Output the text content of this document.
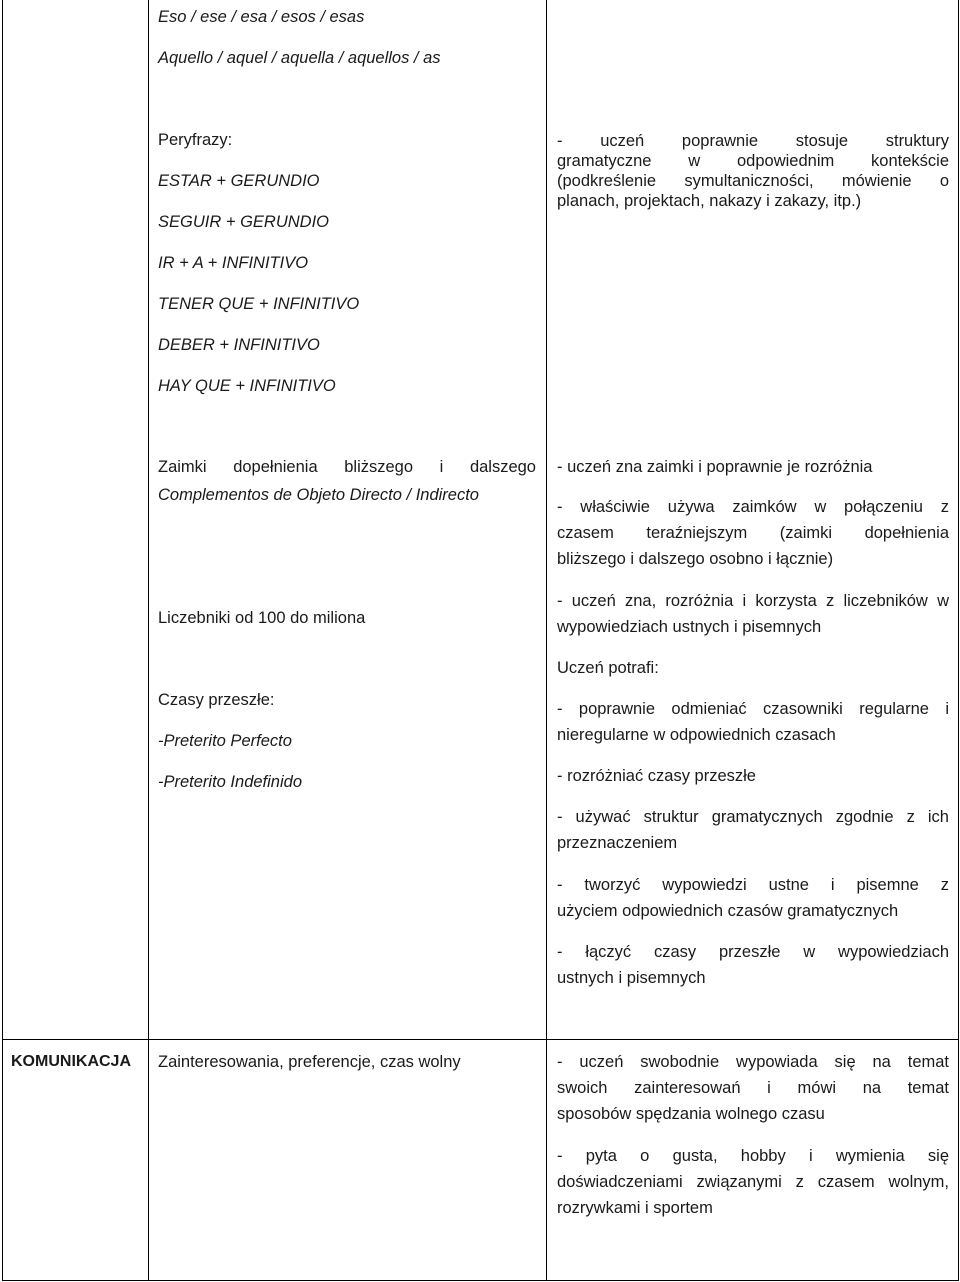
Eso / ese / esa / esos / esas
Aquello / aquel / aquella / aquellos / as
Peryfrazy:
ESTAR + GERUNDIO
SEGUIR + GERUNDIO
IR + A + INFINITIVO
TENER QUE + INFINITIVO
DEBER + INFINITIVO
HAY QUE + INFINITIVO
Zaimki dopełnienia bliższego i dalszego
Complementos de Objeto Directo / Indirecto
Liczebniki od 100 do miliona
Czasy przeszłe:
-Preterito Perfecto
-Preterito Indefinido
- uczeń poprawnie stosuje struktury
gramatyczne w odpowiednim kontekście
(podkreślenie symultaniczności, mówienie o
planach, projektach, nakazy i zakazy, itp.)
- uczeń zna zaimki i poprawnie je rozróżnia
- właściwie używa zaimków w połączeniu z
czasem teraźniejszym (zaimki dopełnienia
bliższego i dalszego osobno i łącznie)
- uczeń zna, rozróżnia i korzysta z liczebników w
wypowiedziach ustnych i pisemnych
Uczeń potrafi:
- poprawnie odmieniać czasowniki regularne i
nieregularne w odpowiednich czasach
- rozróżniać czasy przeszłe
- używać struktur gramatycznych zgodnie z ich
przeznaczeniem
- tworzyć wypowiedzi ustne i pisemne z
użyciem odpowiednich czasów gramatycznych
- łączyć czasy przeszłe w wypowiedziach
ustnych i pisemnych
KOMUNIKACJA Zainteresowania, preferencje, czas wolny	- uczeń swobodnie wypowiada się na temat
swoich zainteresowań i mówi na temat
sposobów spędzania wolnego czasu
- pyta o gusta, hobby i wymienia się
doświadczeniami związanymi z czasem wolnym,
rozrywkami i sportem
